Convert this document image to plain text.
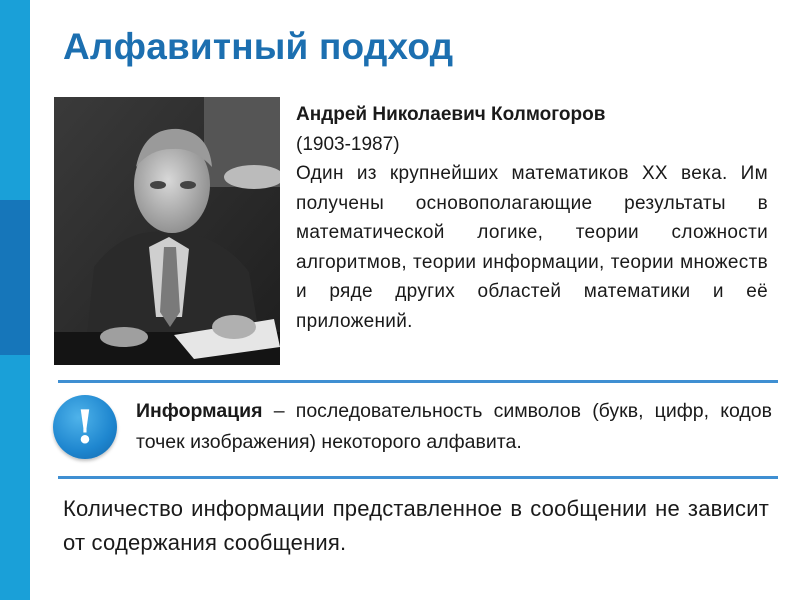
Алфавитный подход
Андрей Николаевич Колмогоров
(1903-1987)
Один из крупнейших математиков XX века. Им получены основополагающие результаты в математической логике, теории сложности алгоритмов, теории информации, теории множеств и ряде других областей математики и её приложений.
!	Информация – последовательность символов (букв, цифр, кодов точек изображения) некоторого алфавита.
Количество информации представленное в сообщении не зависит от содержания сообщения.
